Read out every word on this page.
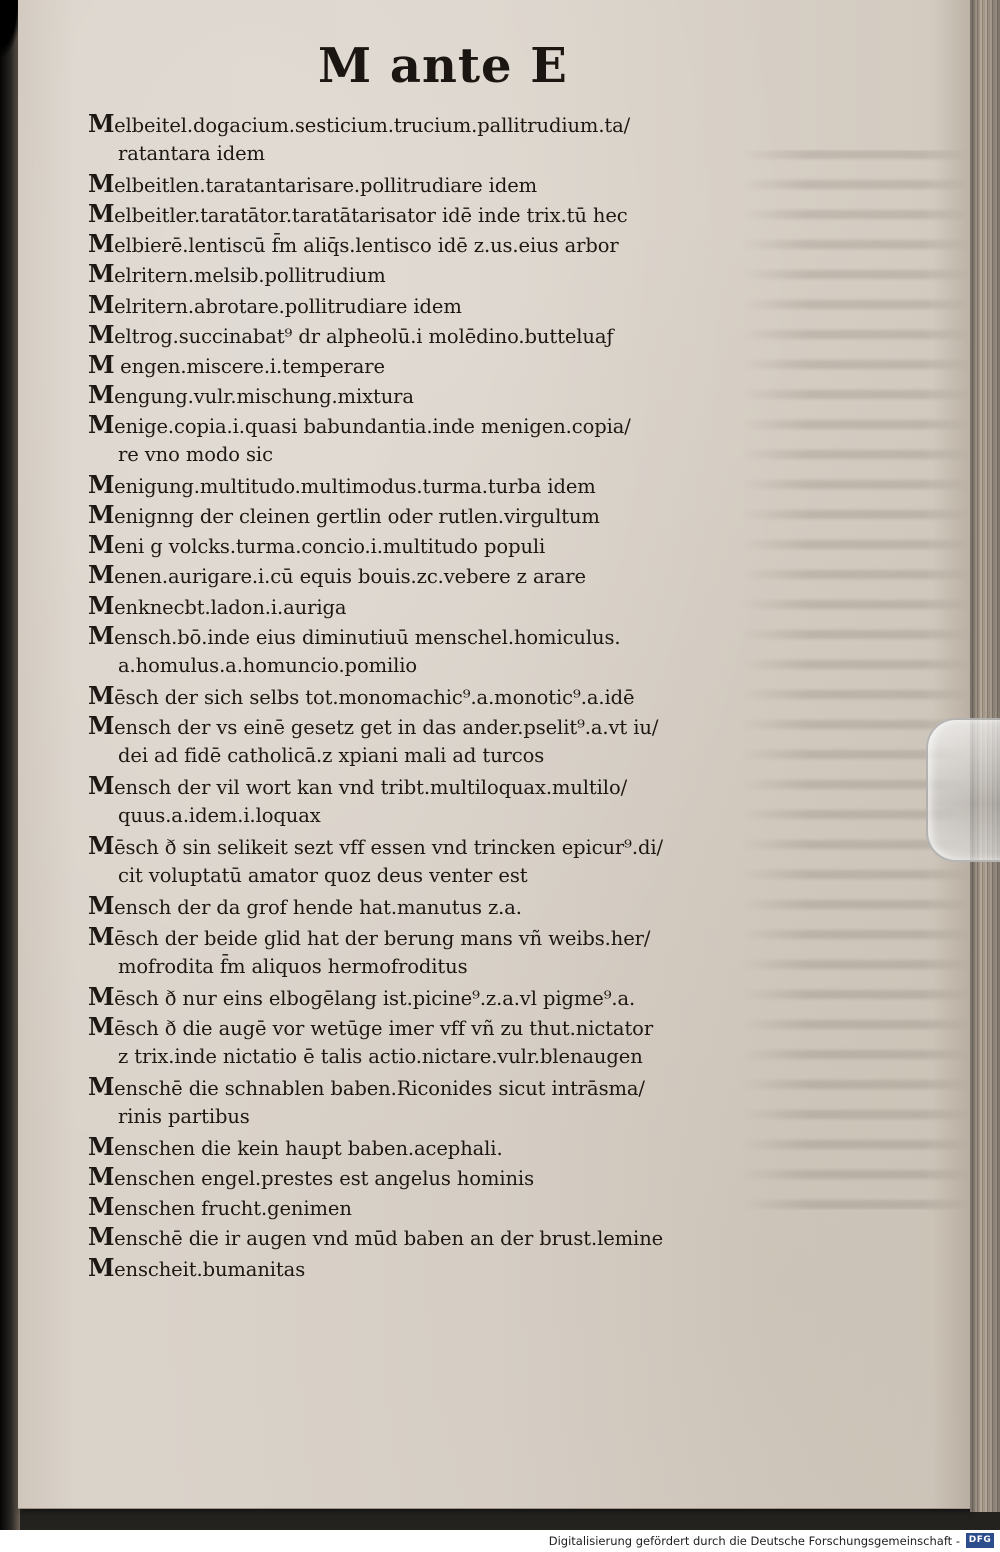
M ante E
Melbeitel.dogacium.sesticium.trucium.pallitrudium.ta/
ratantara idem
Melbeitlen.taratantarisare.pollitrudiare idem
Melbeitler.taratātor.taratātarisator idē inde trix.tū hec
Melbierē.lentiscū f̄m aliq̄s.lentisco idē z.us.eius arbor
Melritern.melsib.pollitrudium
Melritern.abrotare.pollitrudiare idem
Meltrog.succinabat⁹ dr alpheolū.i molēdino.butteluaƒ
M engen.miscere.i.temperare
Mengung.vulr.mischung.mixtura
Menige.copia.i.quasi babundantia.inde menigen.copia/
re vno modo sic
Menigung.multitudo.multimodus.turma.turba idem
Menignng der cleinen gertlin oder rutlen.virgultum
Meni g volcks.turma.concio.i.multitudo populi
Menen.aurigare.i.cū equis bouis.zc.vebere z arare
Menknecbt.ladon.i.auriga
Mensch.bō.inde eius diminutiuū menschel.homiculus.
a.homulus.a.homuncio.pomilio
Mēsch der sich selbs tot.monomachic⁹.a.monotic⁹.a.idē
Mensch der vs einē gesetz get in das ander.pselit⁹.a.vt iu/
dei ad fidē catholicā.z xpiani mali ad turcos
Mensch der vil wort kan vnd tribt.multiloquax.multilo/
quus.a.idem.i.loquax
Mēsch ð sin selikeit sezt vff essen vnd trincken epicur⁹.di/
cit voluptatū amator quoz deus venter est
Mensch der da grof hende hat.manutus z.a.
Mēsch der beide glid hat der berung mans vñ weibs.her/
mofrodita f̄m aliquos hermofroditus
Mēsch ð nur eins elbogēlang ist.picine⁹.z.a.vl pigme⁹.a.
Mēsch ð die augē vor wetūge imer vff vñ zu thut.nictator
z trix.inde nictatio ē talis actio.nictare.vulr.blenaugen
Menschē die schnablen baben.Riconides sicut intrāsma/
rinis partibus
Menschen die kein haupt baben.acephali.
Menschen engel.prestes est angelus hominis
Menschen frucht.genimen
Menschē die ir augen vnd mūd baben an der brust.lemine
Menscheit.bumanitas
Digitalisierung gefördert durch die Deutsche Forschungsgemeinschaft - DFG
